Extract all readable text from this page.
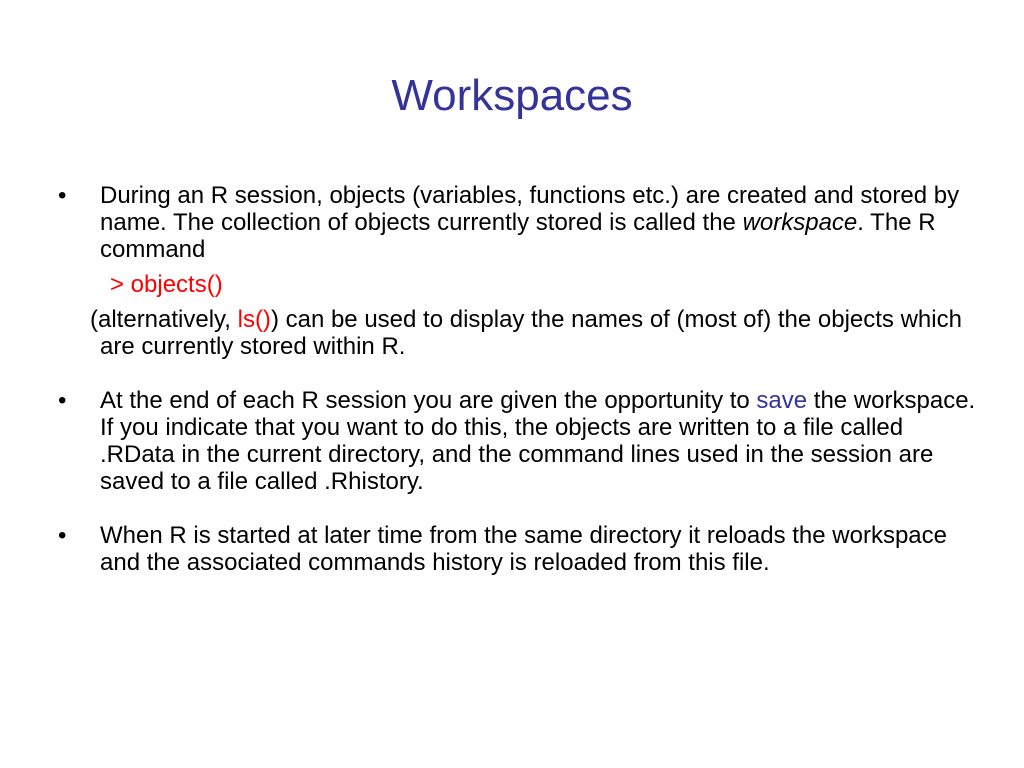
Workspaces
•	During an R session, objects (variables, functions etc.) are created and stored by name. The collection of objects currently stored is called the workspace. The R command
> objects()
(alternatively, ls()) can be used to display the names of (most of) the objects which are currently stored within R.
•	At the end of each R session you are given the opportunity to save the workspace. If you indicate that you want to do this, the objects are written to a file called .RData in the current directory, and the command lines used in the session are saved to a file called .Rhistory.
•	When R is started at later time from the same directory it reloads the workspace and the associated commands history is reloaded from this file.
